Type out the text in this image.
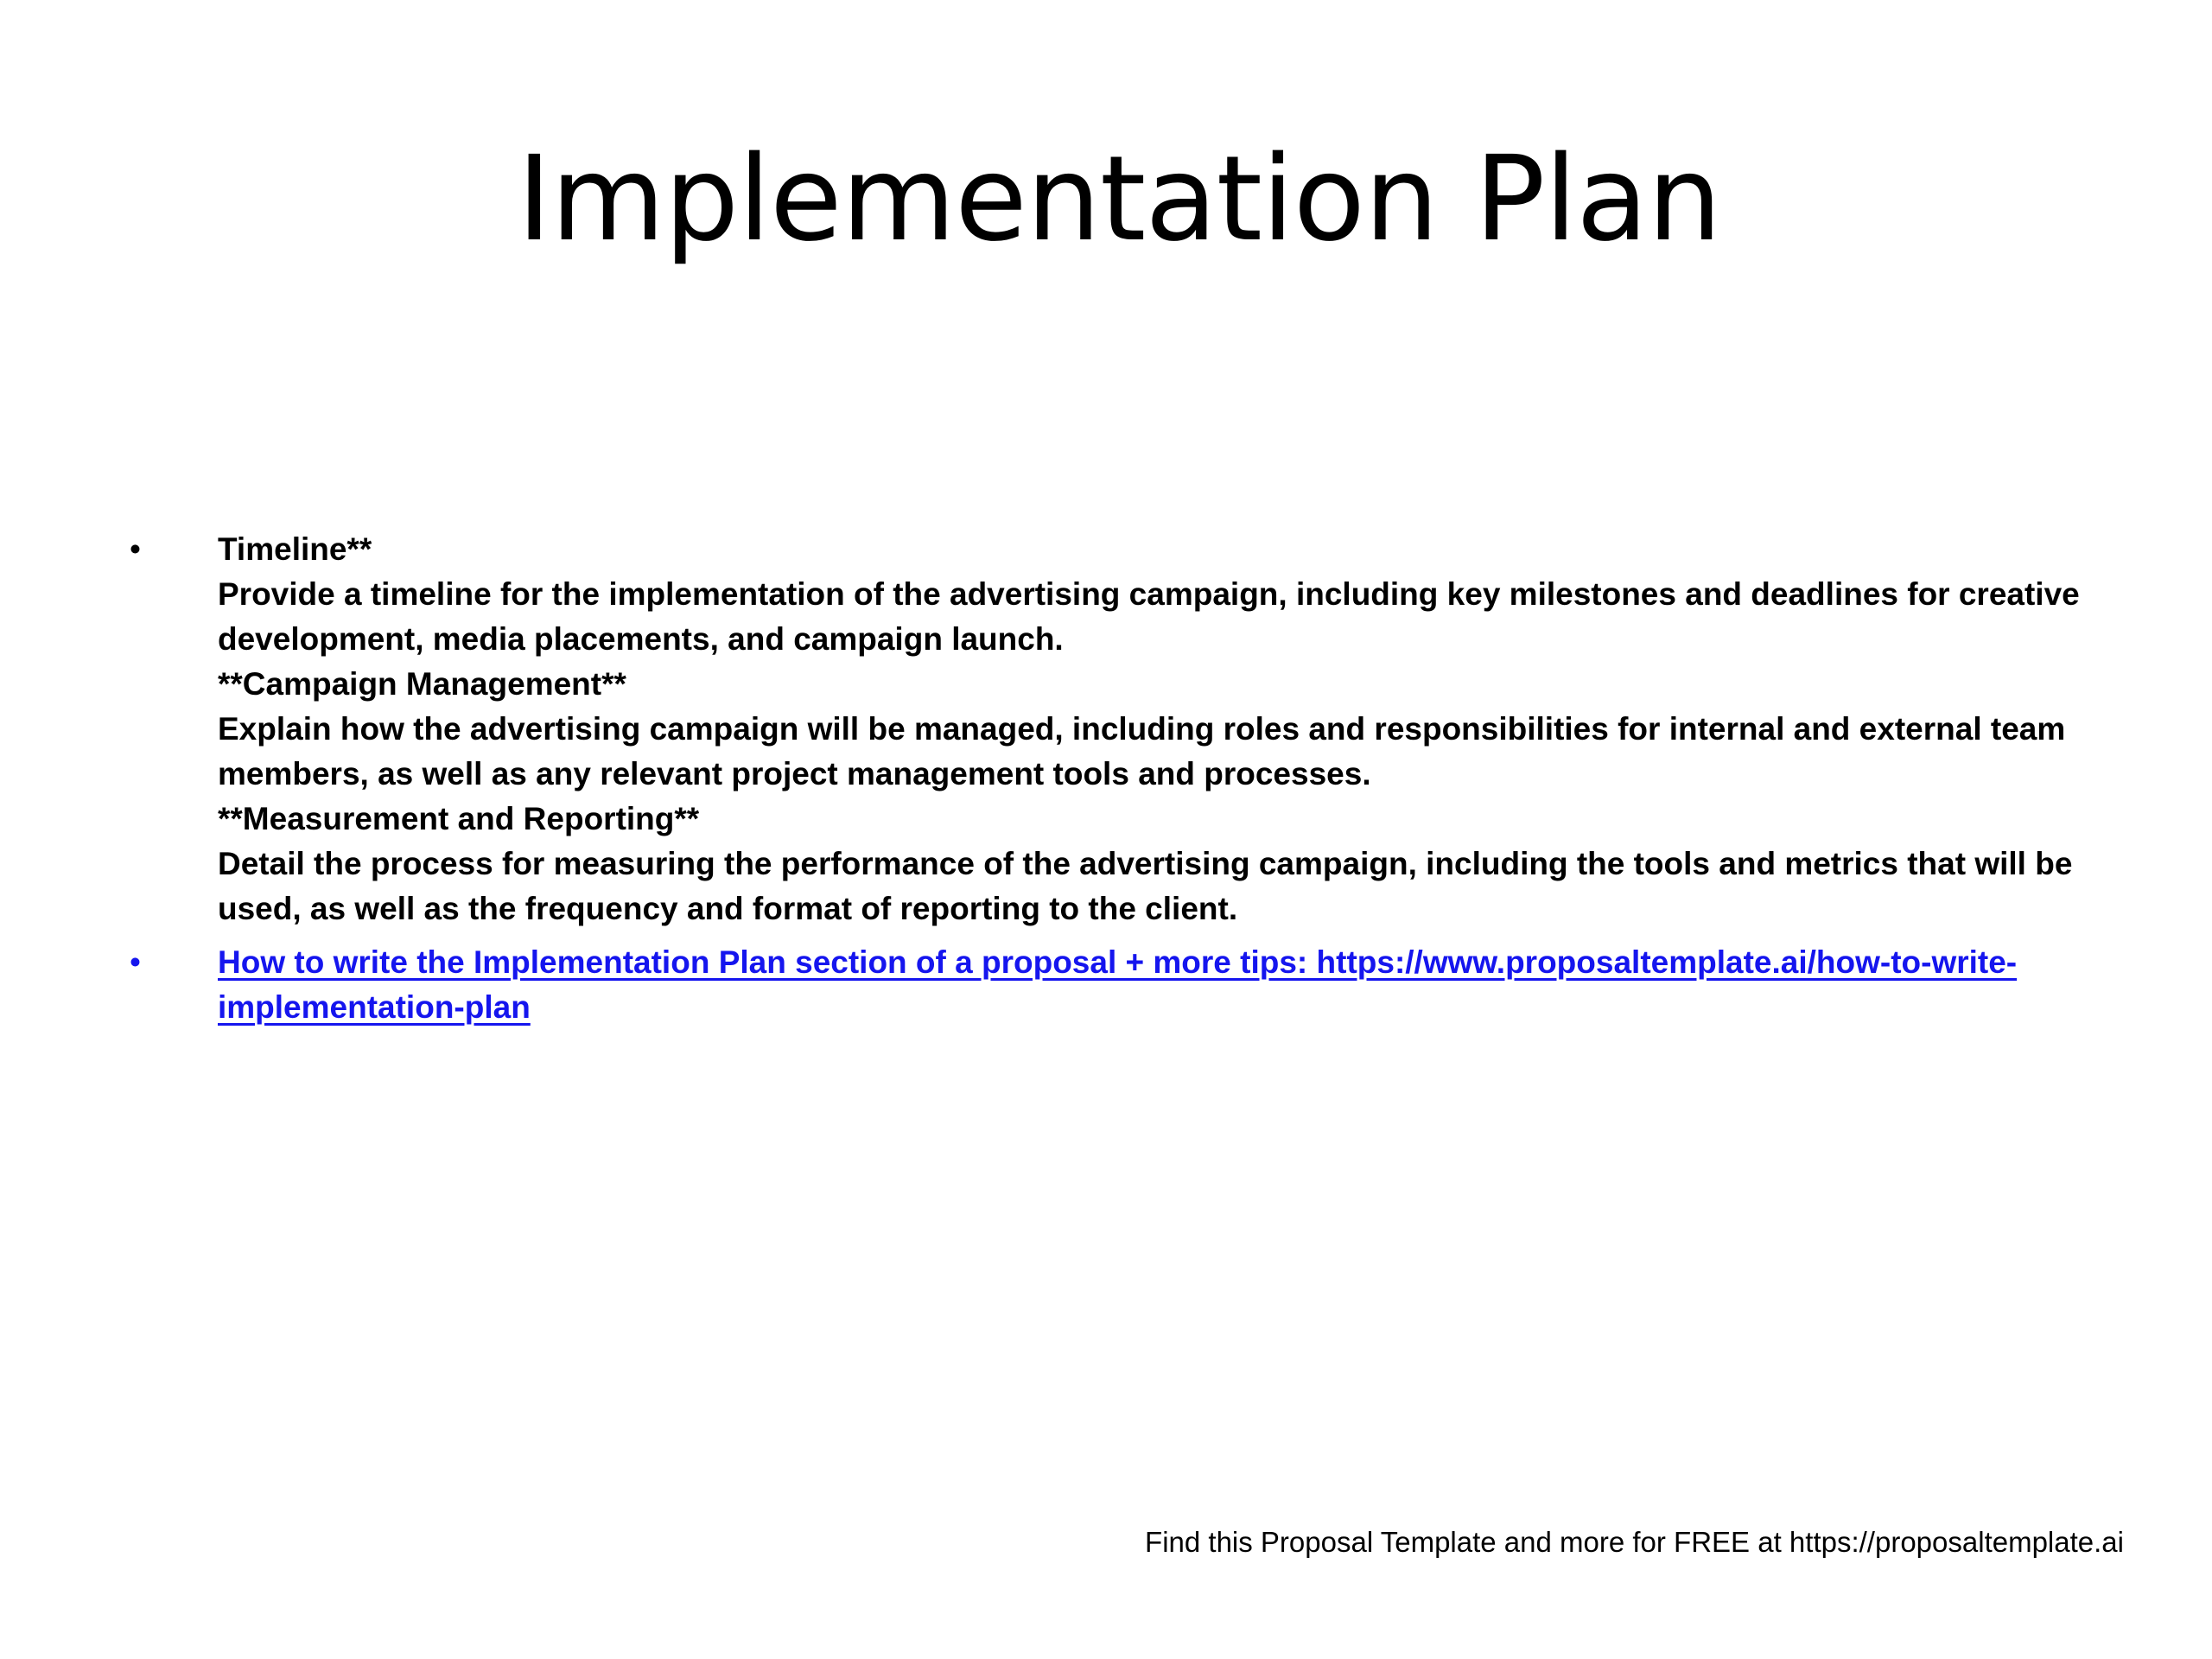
Implementation Plan
•	Timeline**
Provide a timeline for the implementation of the advertising campaign, including key milestones and deadlines for creative development, media placements, and campaign launch.
**Campaign Management**
Explain how the advertising campaign will be managed, including roles and responsibilities for internal and external team members, as well as any relevant project management tools and processes.
**Measurement and Reporting**
Detail the process for measuring the performance of the advertising campaign, including the tools and metrics that will be used, as well as the frequency and format of reporting to the client.
•	How to write the Implementation Plan section of a proposal + more tips: https://www.proposaltemplate.ai/how-to-write-implementation-plan
Find this Proposal Template and more for FREE at https://proposaltemplate.ai
